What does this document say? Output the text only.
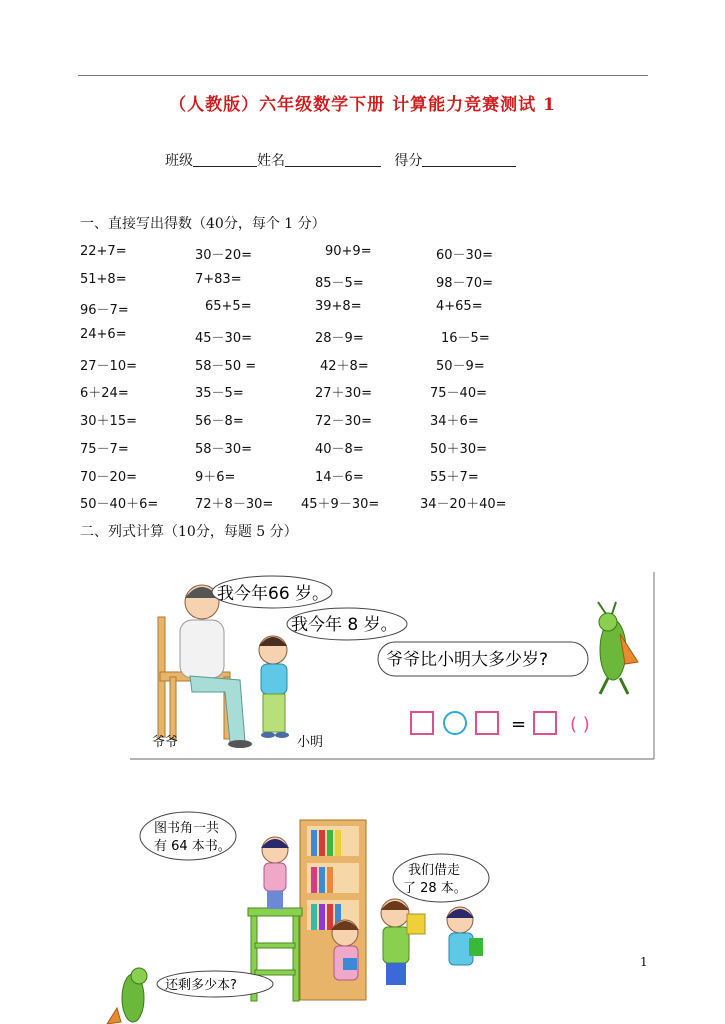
（人教版）六年级数学下册 计算能力竞赛测试 1
班级	姓名	得分
一、直接写出得数（40分，每个 1 分）
22+7=	30－20=	90+9=	60－30=
51+8=	7+83=	85－5=	98－70=
96－7=	65+5=	39+8=	4+65=
24+6=	45－30=	28－9=	16－5=
27－10=	58－50 =	42＋8=	50－9=
6＋24=	35－5=	27＋30=	75－40=
30＋15=	56－8=	72－30=	34＋6=
75－7=	58－30=	40－8=	50＋30=
70－20=	9＋6=	14－6=	55＋7=
50－40＋6=	72＋8－30= 45＋9－30=	34－20＋40=
二、列式计算（10分，每题 5 分）
爷爷	小明
我今年66 岁。
我今年 8 岁。
爷爷比小明大多少岁?
= ( )
图书角一共
有 64 本书。
我们借走
了 28 本。
还剩多少本?
1
